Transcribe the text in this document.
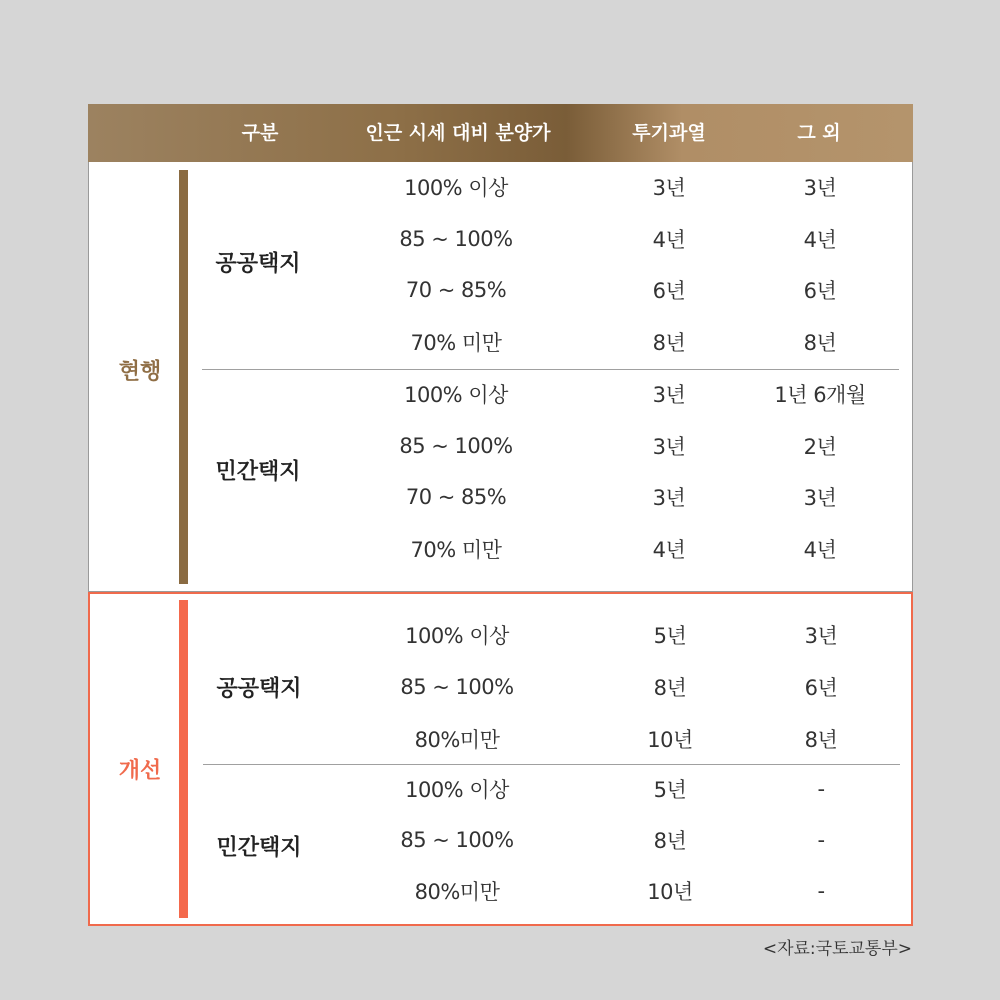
구분	인근 시세 대비 분양가	투기과열	그 외
현행
공공택지
100% 이상	3년	3년
85 ~ 100%	4년	4년
70 ~ 85%	6년	6년
70% 미만	8년	8년
민간택지
100% 이상	3년	1년 6개월
85 ~ 100%	3년	2년
70 ~ 85%	3년	3년
70% 미만	4년	4년
개선
공공택지
100% 이상	5년	3년
85 ~ 100%	8년	6년
80%미만	10년	8년
민간택지
100% 이상	5년	-
85 ~ 100%	8년	-
80%미만	10년	-
<자료:국토교통부>
